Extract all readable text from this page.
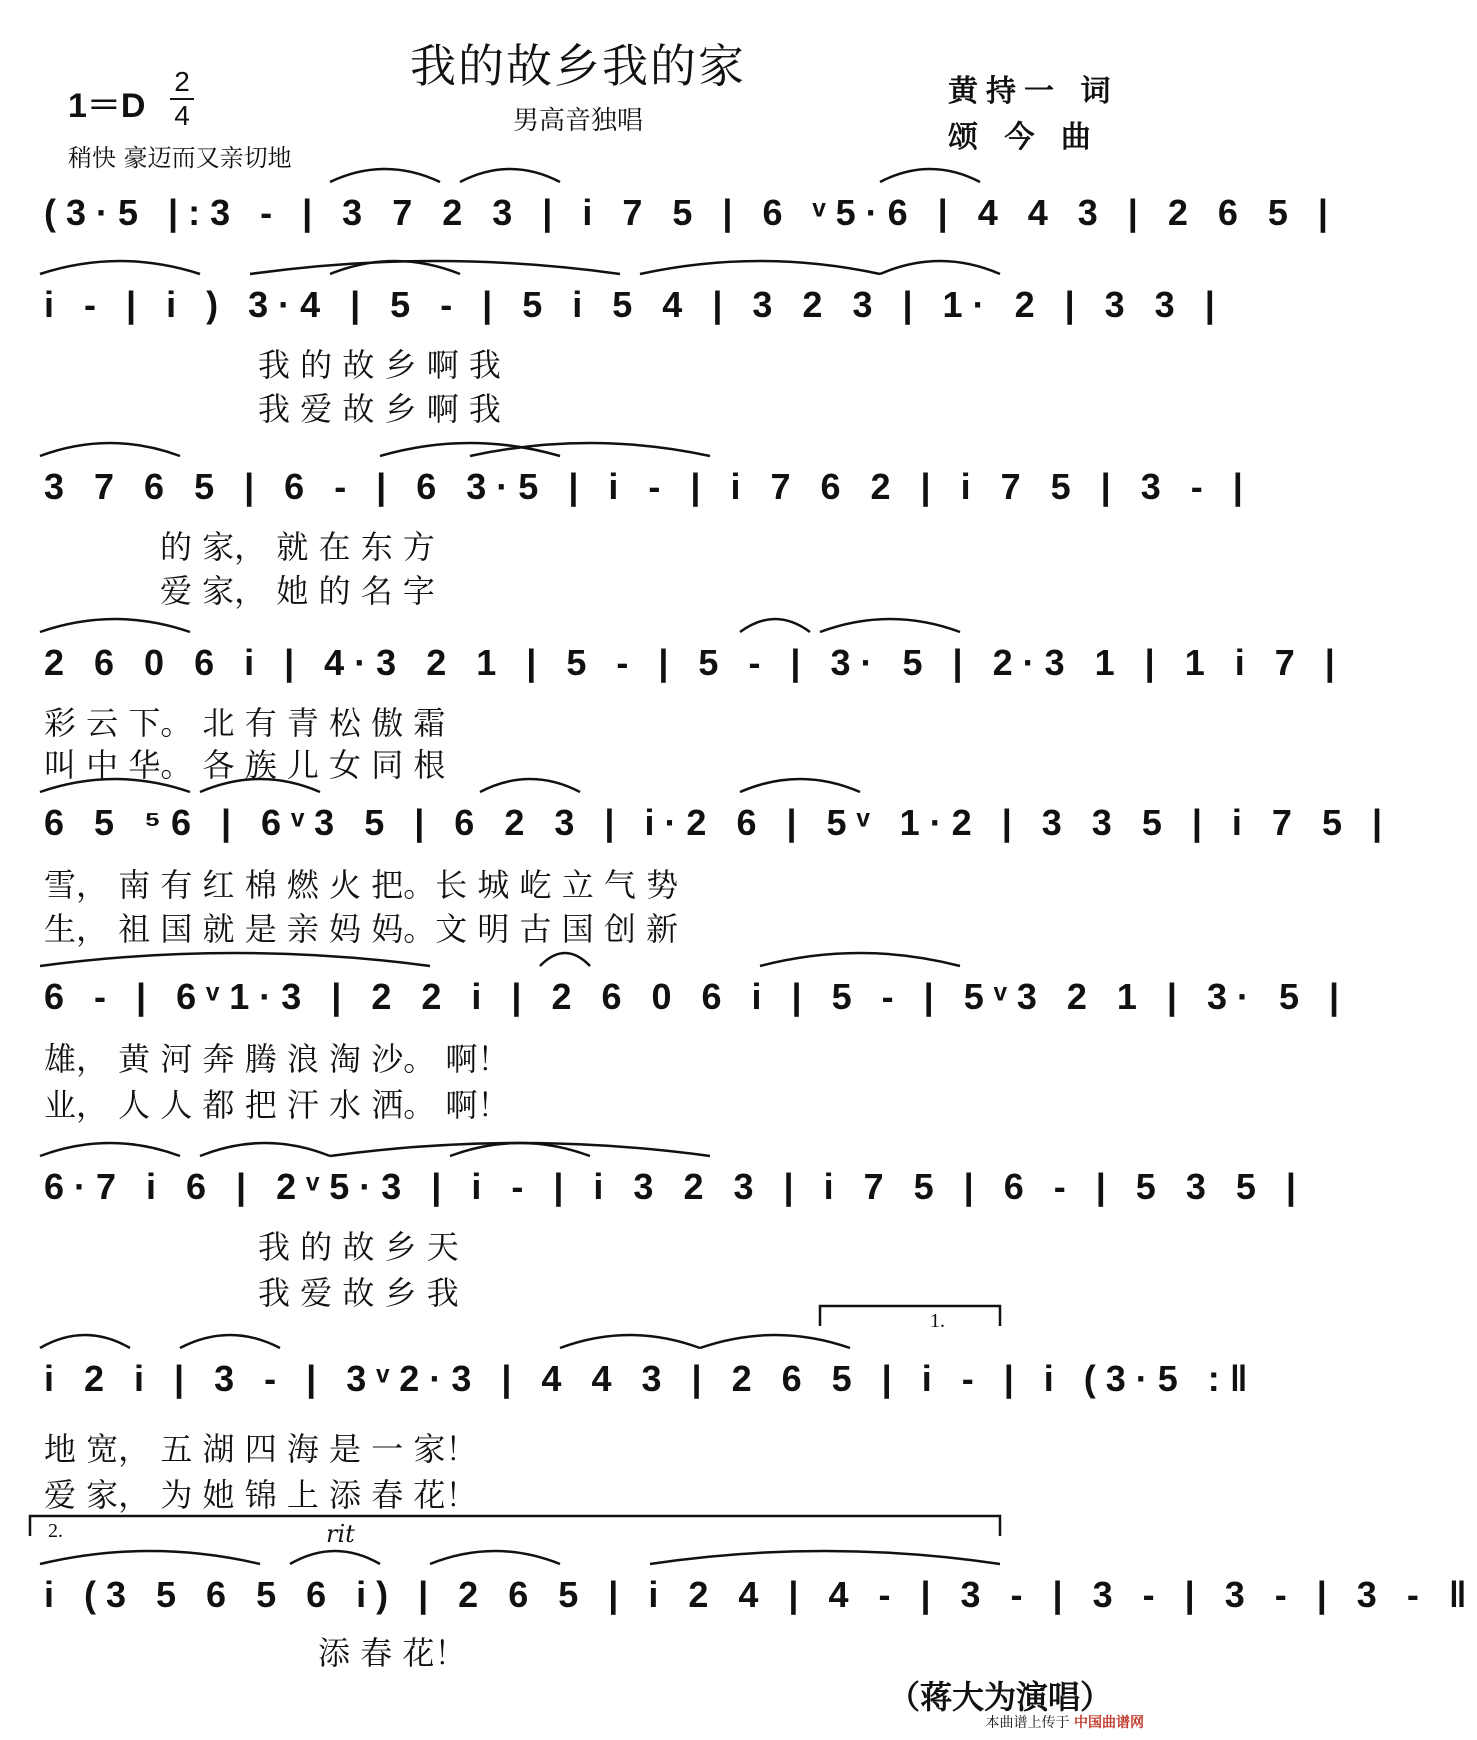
我的故乡我的家
男高音独唱
1＝D
2
4
稍快 豪迈而又亲切地
黄持一 词
颂 今 曲
(3·5 |:3 - | 3 7 2 3 | i 7 5 | 6 ᵛ5·6 | 4 4 3 | 2 6 5 |
i - | i ) 3·4 | 5 - | 5 i 5 4 | 3 2 3 | 1· 2 | 3 3 |
我 的 故 乡 啊 我
我 爱 故 乡 啊 我
3 7 6 5 | 6 - | 6 3·5 | i - | i 7 6 2 | i 7 5 | 3 - |
的 家， 就 在 东 方
爱 家， 她 的 名 字
2 6 0 6 i | 4·3 2 1 | 5 - | 5 - | 3· 5 | 2·3 1 | 1 i 7 |
彩 云 下。 北 有 青 松 傲 霜
叫 中 华。 各 族 儿 女 同 根
6 5 ⁵6 | 6ᵛ3 5 | 6 2 3 | i·2 6 | 5ᵛ 1·2 | 3 3 5 | i 7 5 |
雪， 南 有 红 棉 燃 火 把。长 城 屹 立 气 势
生， 祖 国 就 是 亲 妈 妈。文 明 古 国 创 新
6 - | 6ᵛ1·3 | 2 2 i | 2 6 0 6 i | 5 - | 5ᵛ3 2 1 | 3· 5 |
雄， 黄 河 奔 腾 浪 淘 沙。 啊！
业， 人 人 都 把 汗 水 洒。 啊！
6·7 i 6 | 2ᵛ5·3 | i - | i 3 2 3 | i 7 5 | 6 - | 5 3 5 |
我 的 故 乡 天
我 爱 故 乡 我
1.
i 2 i | 3 - | 3ᵛ2·3 | 4 4 3 | 2 6 5 | i - | i (3·5 :‖
地 宽， 五 湖 四 海 是 一 家！
爱 家， 为 她 锦 上 添 春 花！
2.	rit
i (3 5 6 5 6 i) | 2 6 5 | i 2 4 | 4 - | 3 - | 3 - | 3 - | 3 - ‖
添 春 花！
（蒋大为演唱）
本曲谱上传于 中国曲谱网
